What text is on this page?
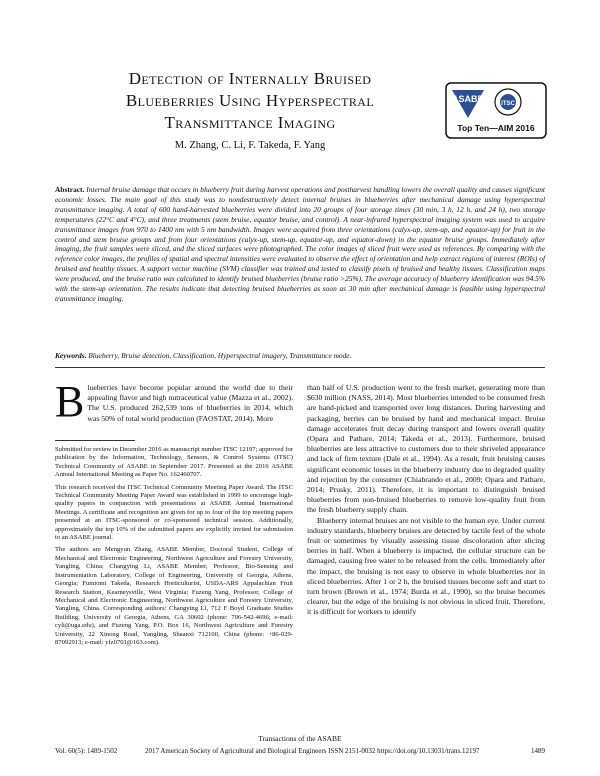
Detection of Internally Bruised
Blueberries Using Hyperspectral
Transmittance Imaging
M. Zhang, C. Li, F. Takeda, F. Yang
ASABE	ITSC
Top Ten—AIM 2016
Abstract. Internal bruise damage that occurs in blueberry fruit during harvest operations and postharvest handling lowers the overall quality and causes significant economic losses. The main goal of this study was to nondestructively detect internal bruises in blueberries after mechanical damage using hyperspectral transmittance imaging. A total of 600 hand-harvested blueberries were divided into 20 groups of four storage times (30 min, 3 h, 12 h, and 24 h), two storage temperatures (22°C and 4°C), and three treatments (stem bruise, equator bruise, and control). A near-infrared hyperspectral imaging system was used to acquire transmittance images from 970 to 1400 nm with 5 nm bandwidth. Images were acquired from three orientations (calyx-up, stem-up, and equator-up) for fruit in the control and stem bruise groups and from four orientations (calyx-up, stem-up, equator-up, and equator-down) in the equator bruise groups. Immediately after imaging, the fruit samples were sliced, and the sliced surfaces were photographed. The color images of sliced fruit were used as references. By comparing with the reference color images, the profiles of spatial and spectral intensities were evaluated to observe the effect of orientation and help extract regions of interest (ROIs) of bruised and healthy tissues. A support vector machine (SVM) classifier was trained and tested to classify pixels of bruised and healthy tissues. Classification maps were produced, and the bruise ratio was calculated to identify bruised blueberries (bruise ratio >25%). The average accuracy of blueberry identification was 94.5% with the stem-up orientation. The results indicate that detecting bruised blueberries as soon as 30 min after mechanical damage is feasible using hyperspectral transmittance imaging.
Keywords. Blueberry, Bruise detection, Classification, Hyperspectral imagery, Transmittance mode.
B lueberries have become popular around the world due to their appealing flavor and high nutraceutical value (Mazza et al., 2002). The U.S. produced 262,539 tons of blueberries in 2014, which was 50% of total world production (FAOSTAT, 2014). More

Submitted for review in December 2016 as manuscript number ITSC 12197; approved for publication by the Information, Technology, Sensors, & Control Systems (ITSC) Technical Community of ASABE in September 2017. Presented at the 2016 ASABE Annual International Meeting as Paper No. 162460707.

This research received the ITSC Technical Community Meeting Paper Award. The ITSC Technical Community Meeting Paper Award was established in 1999 to encourage high-quality papers in conjunction with presentations at ASABE Annual International Meetings. A certificate and recognition are given for up to four of the top meeting papers presented at an ITSC-sponsored or co-sponsored technical session. Additionally, approximately the top 10% of the submitted papers are explicitly invited for submission to an ASABE journal.

The authors are Mengyun Zhang, ASABE Member, Doctoral Student, College of Mechanical and Electronic Engineering, Northwest Agriculture and Forestry University, Yangling, China; Changying Li, ASABE Member, Professor, Bio-Sensing and Instrumentation Laboratory, College of Engineering, University of Georgia, Athens, Georgia; Fumiomi Takeda, Research Horticulturist, USDA-ARS Appalachian Fruit Research Station, Kearneysville, West Virginia; Fuzeng Yang, Professor, College of Mechanical and Electronic Engineering, Northwest Agriculture and Forestry University, Yangling, China. Corresponding authors: Changying Li, 712 F Boyd Graduate Studies Building, University of Georgia, Athens, GA 30602 (phone: 706-542-4696; e-mail: cyli@uga.edu), and Fuzeng Yang, P.O. Box 16, Northwest Agriculture and Forestry University, 22 Xinong Road, Yangling, Shaanxi 712100, China (phone: +86-029-87092913; e-mail: yfz0701@163.com).

than half of U.S. production went to the fresh market, generating more than $630 million (NASS, 2014). Most blueberries intended to be consumed fresh are hand-picked and transported over long distances. During harvesting and packaging, berries can be bruised by hand and mechanical impact. Bruise damage accelerates fruit decay during transport and lowers overall quality (Opara and Pathare, 2014; Takeda et al., 2013). Furthermore, bruised blueberries are less attractive to customers due to their shriveled appearance and lack of firm texture (Dale et al., 1994). As a result, fruit bruising causes significant economic losses in the blueberry industry due to degraded quality and rejection by the consumer (Chiabrando et al., 2009; Opara and Pathare, 2014; Prusky, 2011). Therefore, it is important to distinguish bruised blueberries from non-bruised blueberries to remove low-quality fruit from the fresh blueberry supply chain.
Blueberry internal bruises are not visible to the human eye. Under current industry standards, blueberry bruises are detected by tactile feel of the whole fruit or sometimes by visually assessing tissue discoloration after slicing berries in half. When a blueberry is impacted, the cellular structure can be damaged, causing free water to be released from the cells. Immediately after the impact, the bruising is not easy to observe in whole blueberries nor in sliced blueberries. After 1 or 2 h, the bruised tissues become soft and start to turn brown (Brown et al., 1974; Burda et al., 1990), so the bruise becomes clearer, but the edge of the bruising is not obvious in sliced fruit. Therefore, it is difficult for workers to identify
Transactions of the ASABE
Vol. 60(5): 1489-1502	2017 American Society of Agricultural and Biological Engineers ISSN 2151-0032 https://doi.org/10.13031/trans.12197	1489
